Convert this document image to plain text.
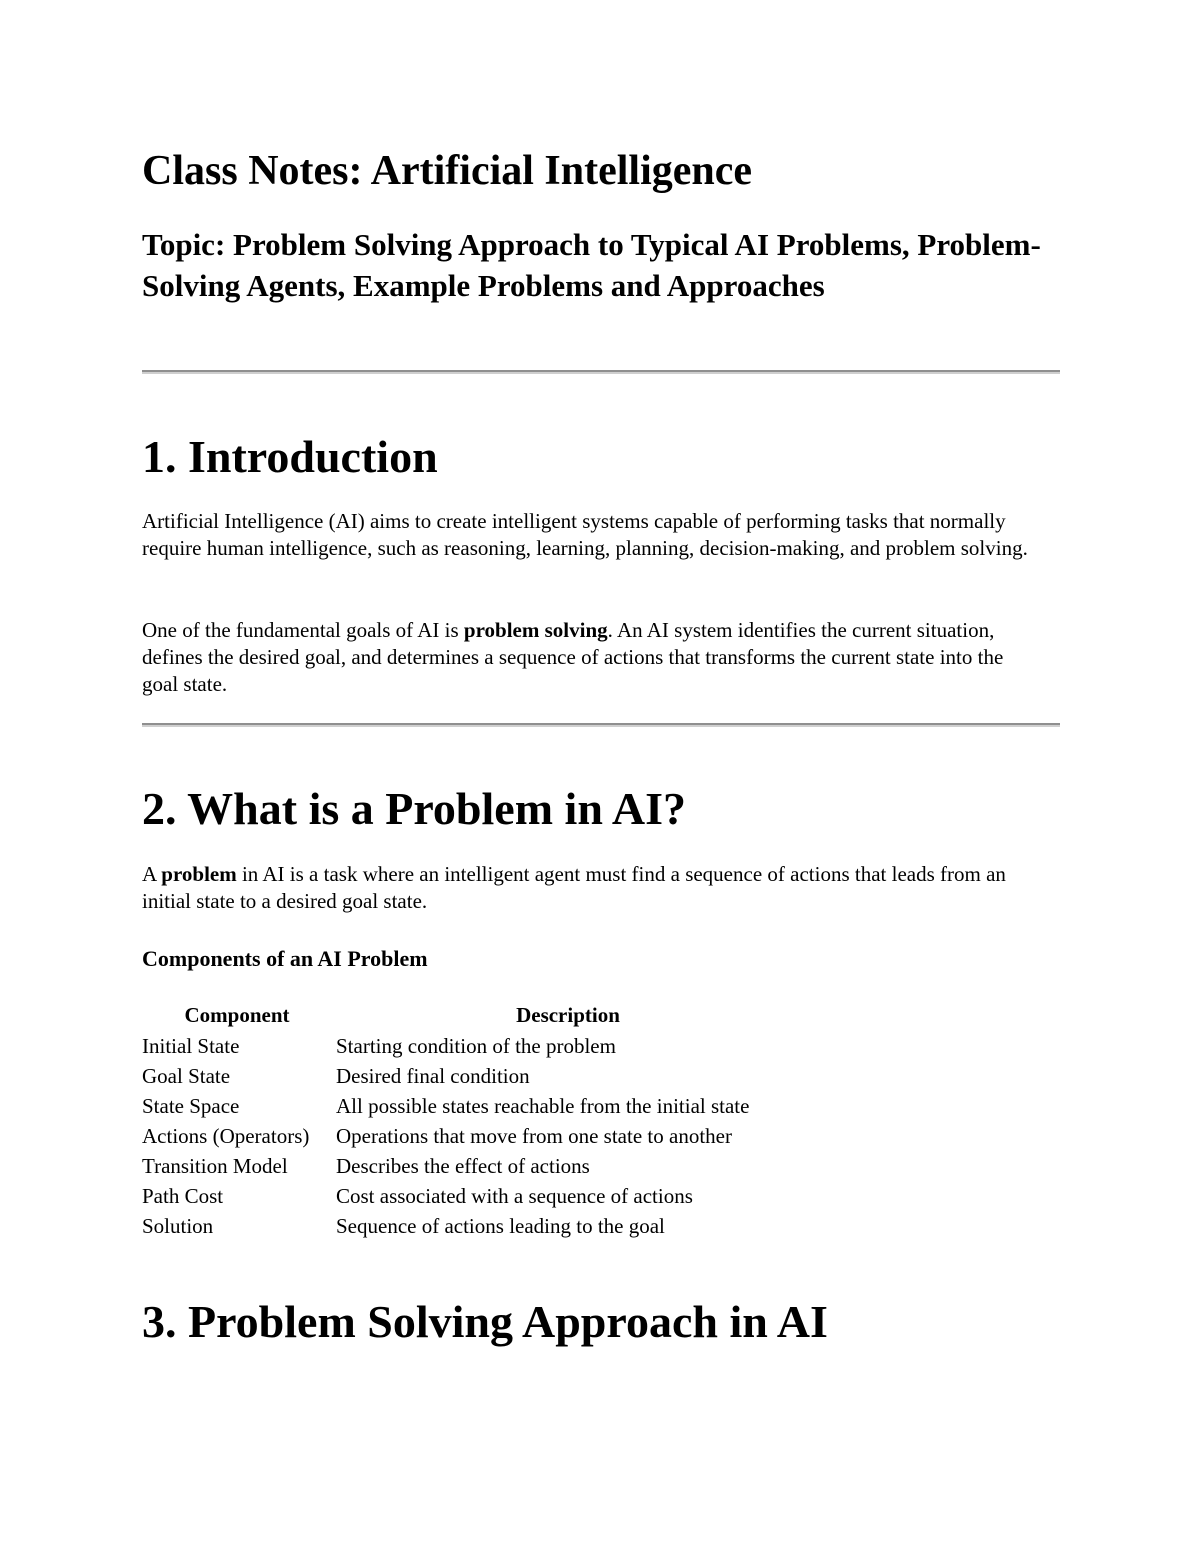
Class Notes: Artificial Intelligence
Topic: Problem Solving Approach to Typical AI Problems, Problem-Solving Agents, Example Problems and Approaches
1. Introduction

Artificial Intelligence (AI) aims to create intelligent systems capable of performing tasks that normally require human intelligence, such as reasoning, learning, planning, decision-making, and problem solving.

One of the fundamental goals of AI is problem solving. An AI system identifies the current situation, defines the desired goal, and determines a sequence of actions that transforms the current state into the goal state.

2. What is a Problem in AI?

A problem in AI is a task where an intelligent agent must find a sequence of actions that leads from an initial state to a desired goal state.

Components of an AI Problem
Component	Description
Initial State	Starting condition of the problem
Goal State	Desired final condition
State Space	All possible states reachable from the initial state
Actions (Operators)	Operations that move from one state to another
Transition Model	Describes the effect of actions
Path Cost	Cost associated with a sequence of actions
Solution	Sequence of actions leading to the goal
3. Problem Solving Approach in AI
